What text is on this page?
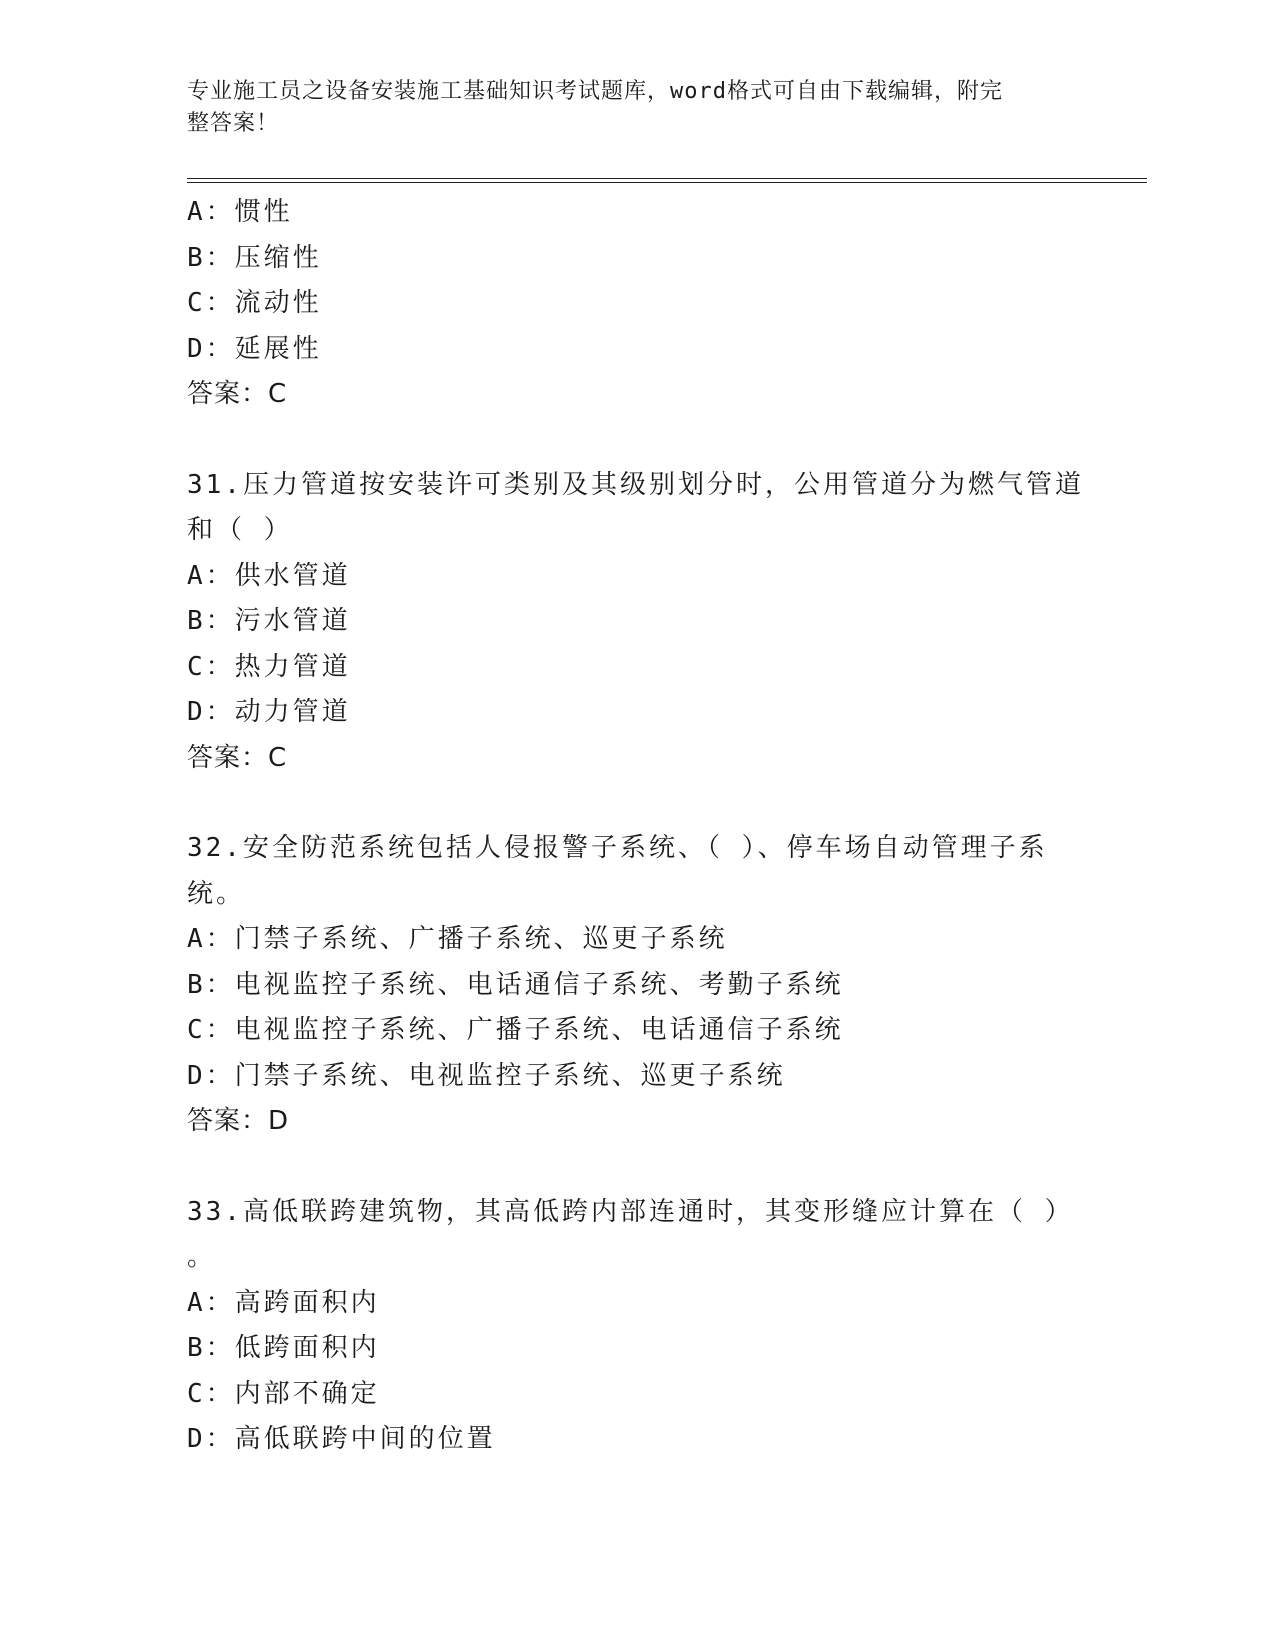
专业施工员之设备安装施工基础知识考试题库，word格式可自由下载编辑，附完
整答案！
A：惯性
B：压缩性
C：流动性
D：延展性
答案：C
31.压力管道按安装许可类别及其级别划分时，公用管道分为燃气管道
和（ ）
A：供水管道
B：污水管道
C：热力管道
D：动力管道
答案：C
32.安全防范系统包括人侵报警子系统、（ ）、停车场自动管理子系
统。
A：门禁子系统、广播子系统、巡更子系统
B：电视监控子系统、电话通信子系统、考勤子系统
C：电视监控子系统、广播子系统、电话通信子系统
D：门禁子系统、电视监控子系统、巡更子系统
答案：D
33.高低联跨建筑物，其高低跨内部连通时，其变形缝应计算在（ ）
。
A：高跨面积内
B：低跨面积内
C：内部不确定
D：高低联跨中间的位置
